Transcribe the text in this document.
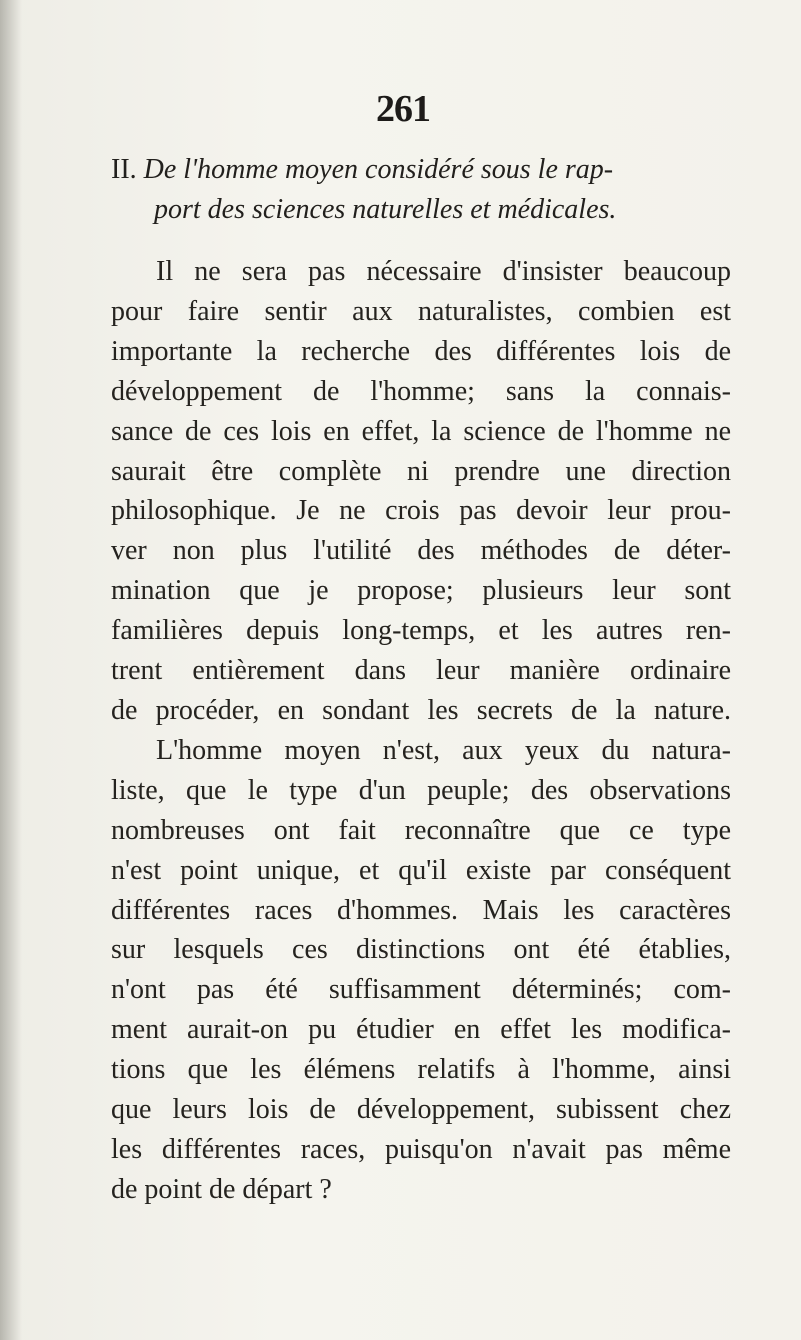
261
II. De l'homme moyen considéré sous le rap-
port des sciences naturelles et médicales.
Il ne sera pas nécessaire d'insister beaucoup
pour faire sentir aux naturalistes, combien est
importante la recherche des différentes lois de
développement de l'homme; sans la connais-
sance de ces lois en effet, la science de l'homme ne
saurait être complète ni prendre une direction
philosophique. Je ne crois pas devoir leur prou-
ver non plus l'utilité des méthodes de déter-
mination que je propose; plusieurs leur sont
familières depuis long-temps, et les autres ren-
trent entièrement dans leur manière ordinaire
de procéder, en sondant les secrets de la nature.
L'homme moyen n'est, aux yeux du natura-
liste, que le type d'un peuple; des observations
nombreuses ont fait reconnaître que ce type
n'est point unique, et qu'il existe par conséquent
différentes races d'hommes. Mais les caractères
sur lesquels ces distinctions ont été établies,
n'ont pas été suffisamment déterminés; com-
ment aurait-on pu étudier en effet les modifica-
tions que les élémens relatifs à l'homme, ainsi
que leurs lois de développement, subissent chez
les différentes races, puisqu'on n'avait pas même
de point de départ ?
